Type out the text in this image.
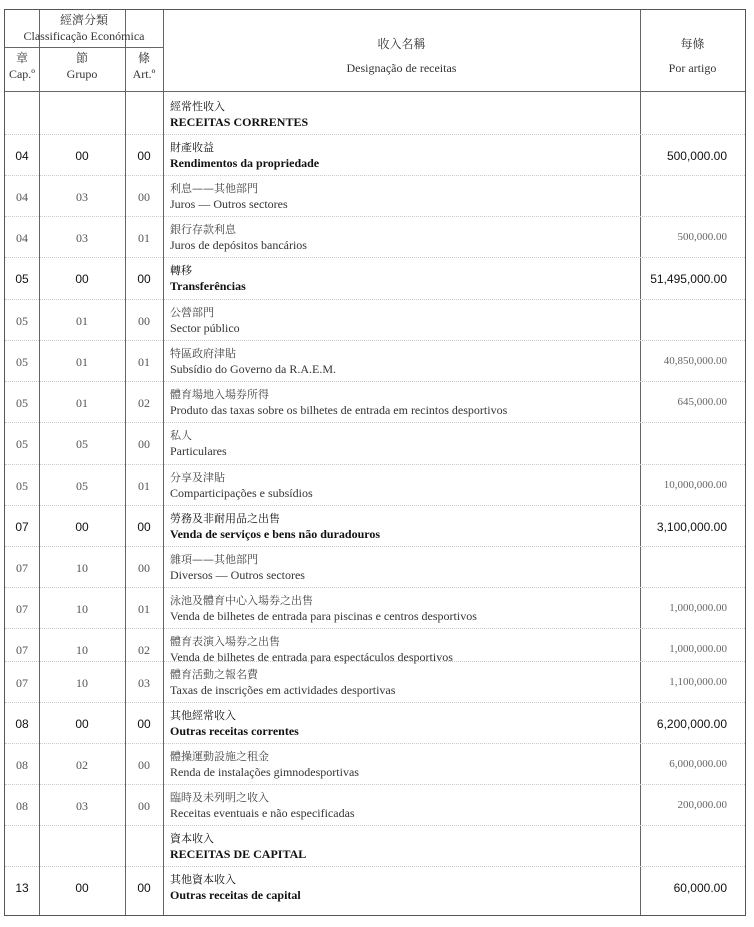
經濟分類
Classificação Económica
章
Cap.º
節
Grupo
條
Art.º
收入名稱
Designação de receitas
每條
Por artigo
經常性收入
RECEITAS CORRENTES
04	00	00
財產收益
Rendimentos da propriedade	500,000.00
04	03	00
利息——其他部門
Juros — Outros sectores
04	03	01
銀行存款利息
Juros de depósitos bancários
500,000.00
05	00	00
轉移
Transferências	51,495,000.00
05	01	00
公營部門
Sector público
05	01	01
特區政府津貼
Subsídio do Governo da R.A.E.M.
40,850,000.00
05	01	02
體育場地入場券所得
Produto das taxas sobre os bilhetes de entrada em recintos desportivos
645,000.00
05	05	00
私人
Particulares
05	05	01
分享及津貼
Comparticipações e subsídios
10,000,000.00
07	00	00
勞務及非耐用品之出售
Venda de serviços e bens não duradouros	3,100,000.00
07	10	00
雜項——其他部門
Diversos — Outros sectores
07	10	01
泳池及體育中心入場券之出售
Venda de bilhetes de entrada para piscinas e centros desportivos
1,000,000.00
07	10	02
體育表演入場券之出售
Venda de bilhetes de entrada para espectáculos desportivos
1,000,000.00
07	10	03
體育活動之報名費
Taxas de inscrições em actividades desportivas
1,100,000.00
08	00	00
其他經常收入
Outras receitas correntes	6,200,000.00
08	02	00
體操運動設施之租金
Renda de instalações gimnodesportivas
6,000,000.00
08	03	00
臨時及未列明之收入
Receitas eventuais e não especificadas
200,000.00
資本收入
RECEITAS DE CAPITAL
13	00	00
其他資本收入
Outras receitas de capital	60,000.00
